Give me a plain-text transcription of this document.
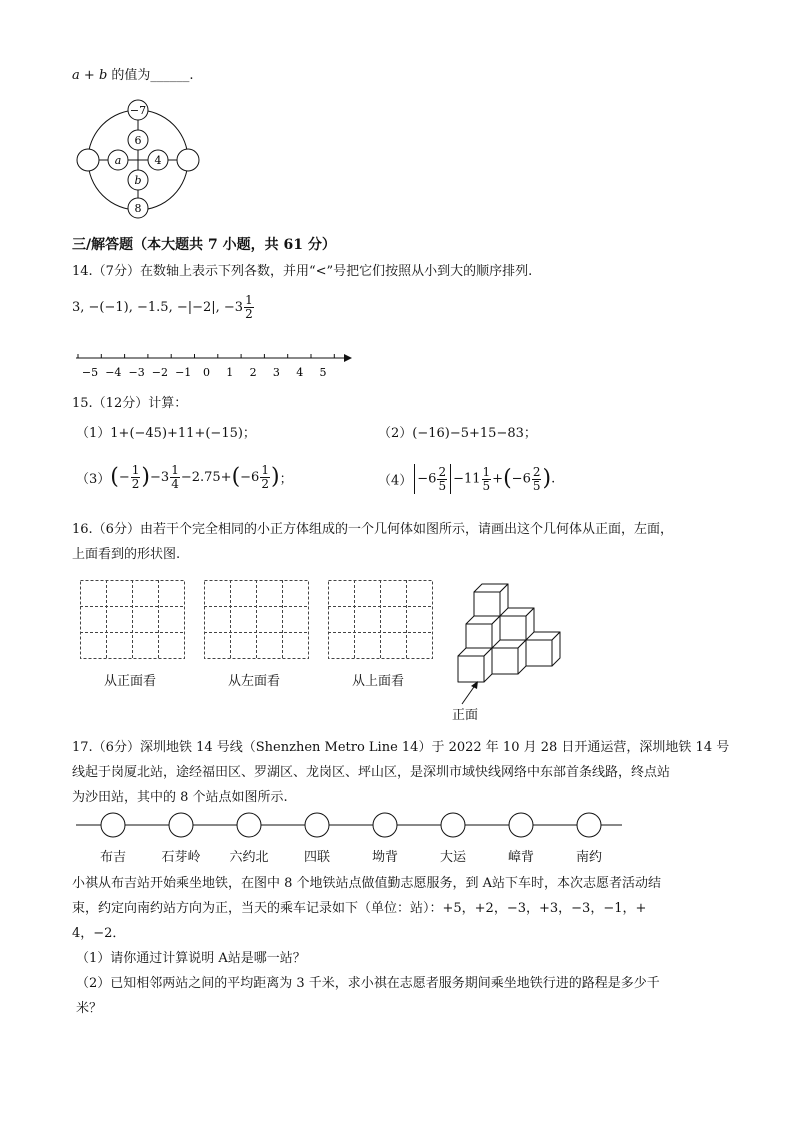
a + b 的值为______.
−7
6
a	4
b
8
三/解答题（本大题共 7 小题，共 61 分）
14.（7分）在数轴上表示下列各数，并用“<”号把它们按照从小到大的顺序排列.
3, −(−1), −1.5, −|−2|, $-3 \frac{1}{2}$
−5 −4 −3 −2 −1 0 1 2 3 4 5
15.（12分）计算：
（1）1+(−45)+11+(−15)；	（2）(−16)−5+15−83；
$(3)(- \frac{1}{2} )-3 \frac{1}{4} -2.75+(-6 \frac{1}{2}$ )；	$(4) -6 \frac{2}{5} -11 \frac{1}{5} +(-6 \frac{2}{5}$ ).
16.（6分）由若干个完全相同的小正方体组成的一个几何体如图所示，请画出这个几何体从正面，左面，
上面看到的形状图.
从正面看	从左面看	从上面看
正面
17.（6分）深圳地铁 14 号线（Shenzhen Metro Line 14）于 2022 年 10 月 28 日开通运营，深圳地铁 14 号
线起于岗厦北站，途经福田区、罗湖区、龙岗区、坪山区，是深圳市域快线网络中东部首条线路，终点站
为沙田站，其中的 8 个站点如图所示.
布吉	石芽岭	六约北	四联	坳背	大运	嶂背	南约
小祺从布吉站开始乘坐地铁，在图中 8 个地铁站点做值勤志愿服务，到 A站下车时，本次志愿者活动结
束，约定向南约站方向为正，当天的乘车记录如下（单位：站）：+5，+2，−3，+3，−3，−1，+
4，−2．
（1）请你通过计算说明 A站是哪一站？
（2）已知相邻两站之间的平均距离为 3 千米，求小祺在志愿者服务期间乘坐地铁行进的路程是多少千
米？
